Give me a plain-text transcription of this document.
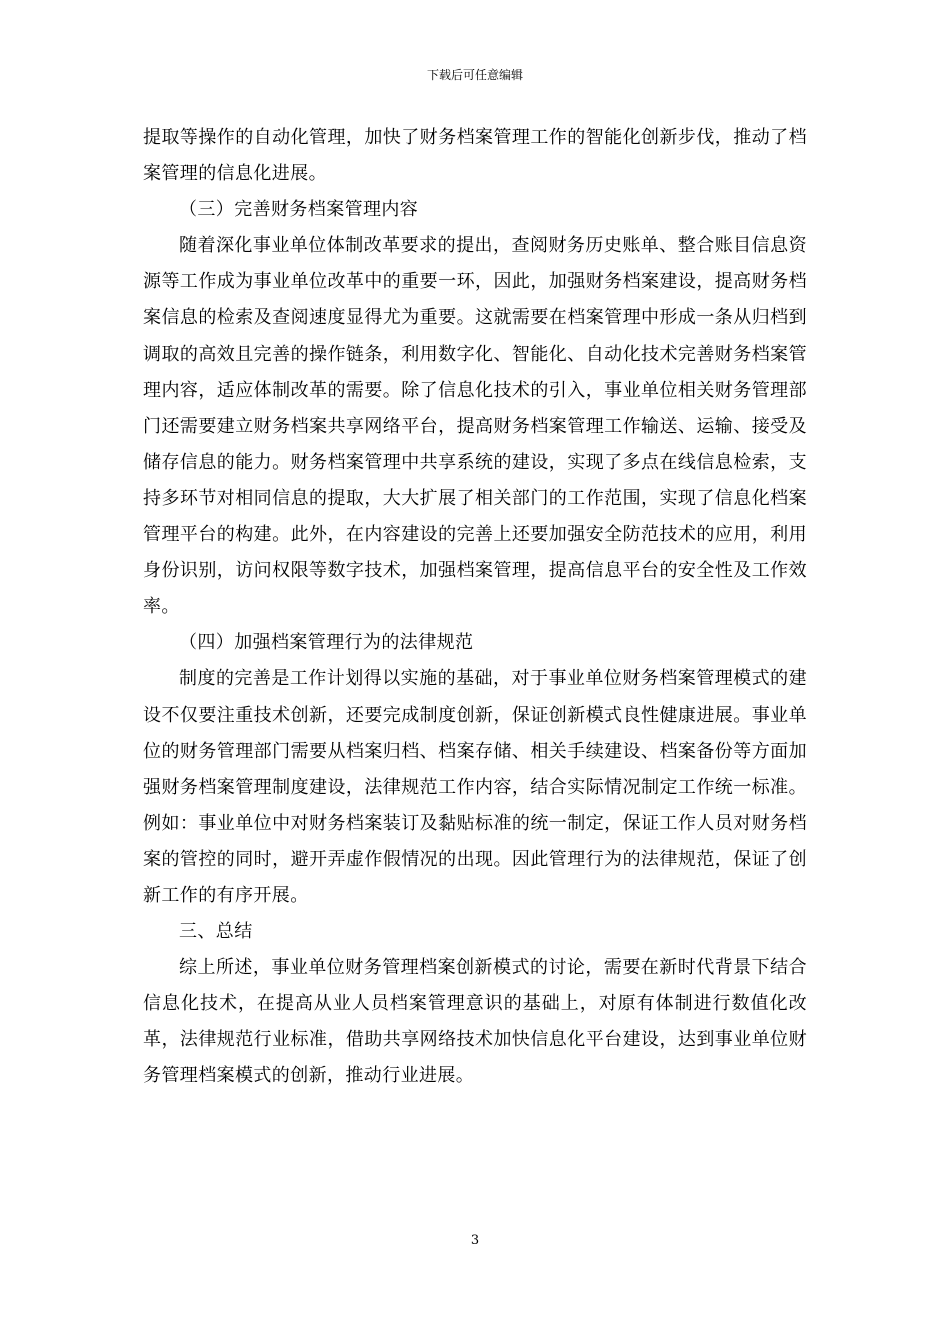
下载后可任意编辑

提取等操作的自动化管理，加快了财务档案管理工作的智能化创新步伐，推动了档案管理的信息化进展。

（三）完善财务档案管理内容

随着深化事业单位体制改革要求的提出，查阅财务历史账单、整合账目信息资源等工作成为事业单位改革中的重要一环，因此，加强财务档案建设，提高财务档案信息的检索及查阅速度显得尤为重要。这就需要在档案管理中形成一条从归档到调取的高效且完善的操作链条，利用数字化、智能化、自动化技术完善财务档案管理内容，适应体制改革的需要。除了信息化技术的引入，事业单位相关财务管理部门还需要建立财务档案共享网络平台，提高财务档案管理工作输送、运输、接受及储存信息的能力。财务档案管理中共享系统的建设，实现了多点在线信息检索，支持多环节对相同信息的提取，大大扩展了相关部门的工作范围，实现了信息化档案管理平台的构建。此外，在内容建设的完善上还要加强安全防范技术的应用，利用身份识别，访问权限等数字技术，加强档案管理，提高信息平台的安全性及工作效率。

（四）加强档案管理行为的法律规范

制度的完善是工作计划得以实施的基础，对于事业单位财务档案管理模式的建设不仅要注重技术创新，还要完成制度创新，保证创新模式良性健康进展。事业单位的财务管理部门需要从档案归档、档案存储、相关手续建设、档案备份等方面加强财务档案管理制度建设，法律规范工作内容，结合实际情况制定工作统一标准。例如：事业单位中对财务档案装订及黏贴标准的统一制定，保证工作人员对财务档案的管控的同时，避开弄虚作假情况的出现。因此管理行为的法律规范，保证了创新工作的有序开展。

三、总结

综上所述，事业单位财务管理档案创新模式的讨论，需要在新时代背景下结合信息化技术，在提高从业人员档案管理意识的基础上，对原有体制进行数值化改革，法律规范行业标准，借助共享网络技术加快信息化平台建设，达到事业单位财务管理档案模式的创新，推动行业进展。

3
